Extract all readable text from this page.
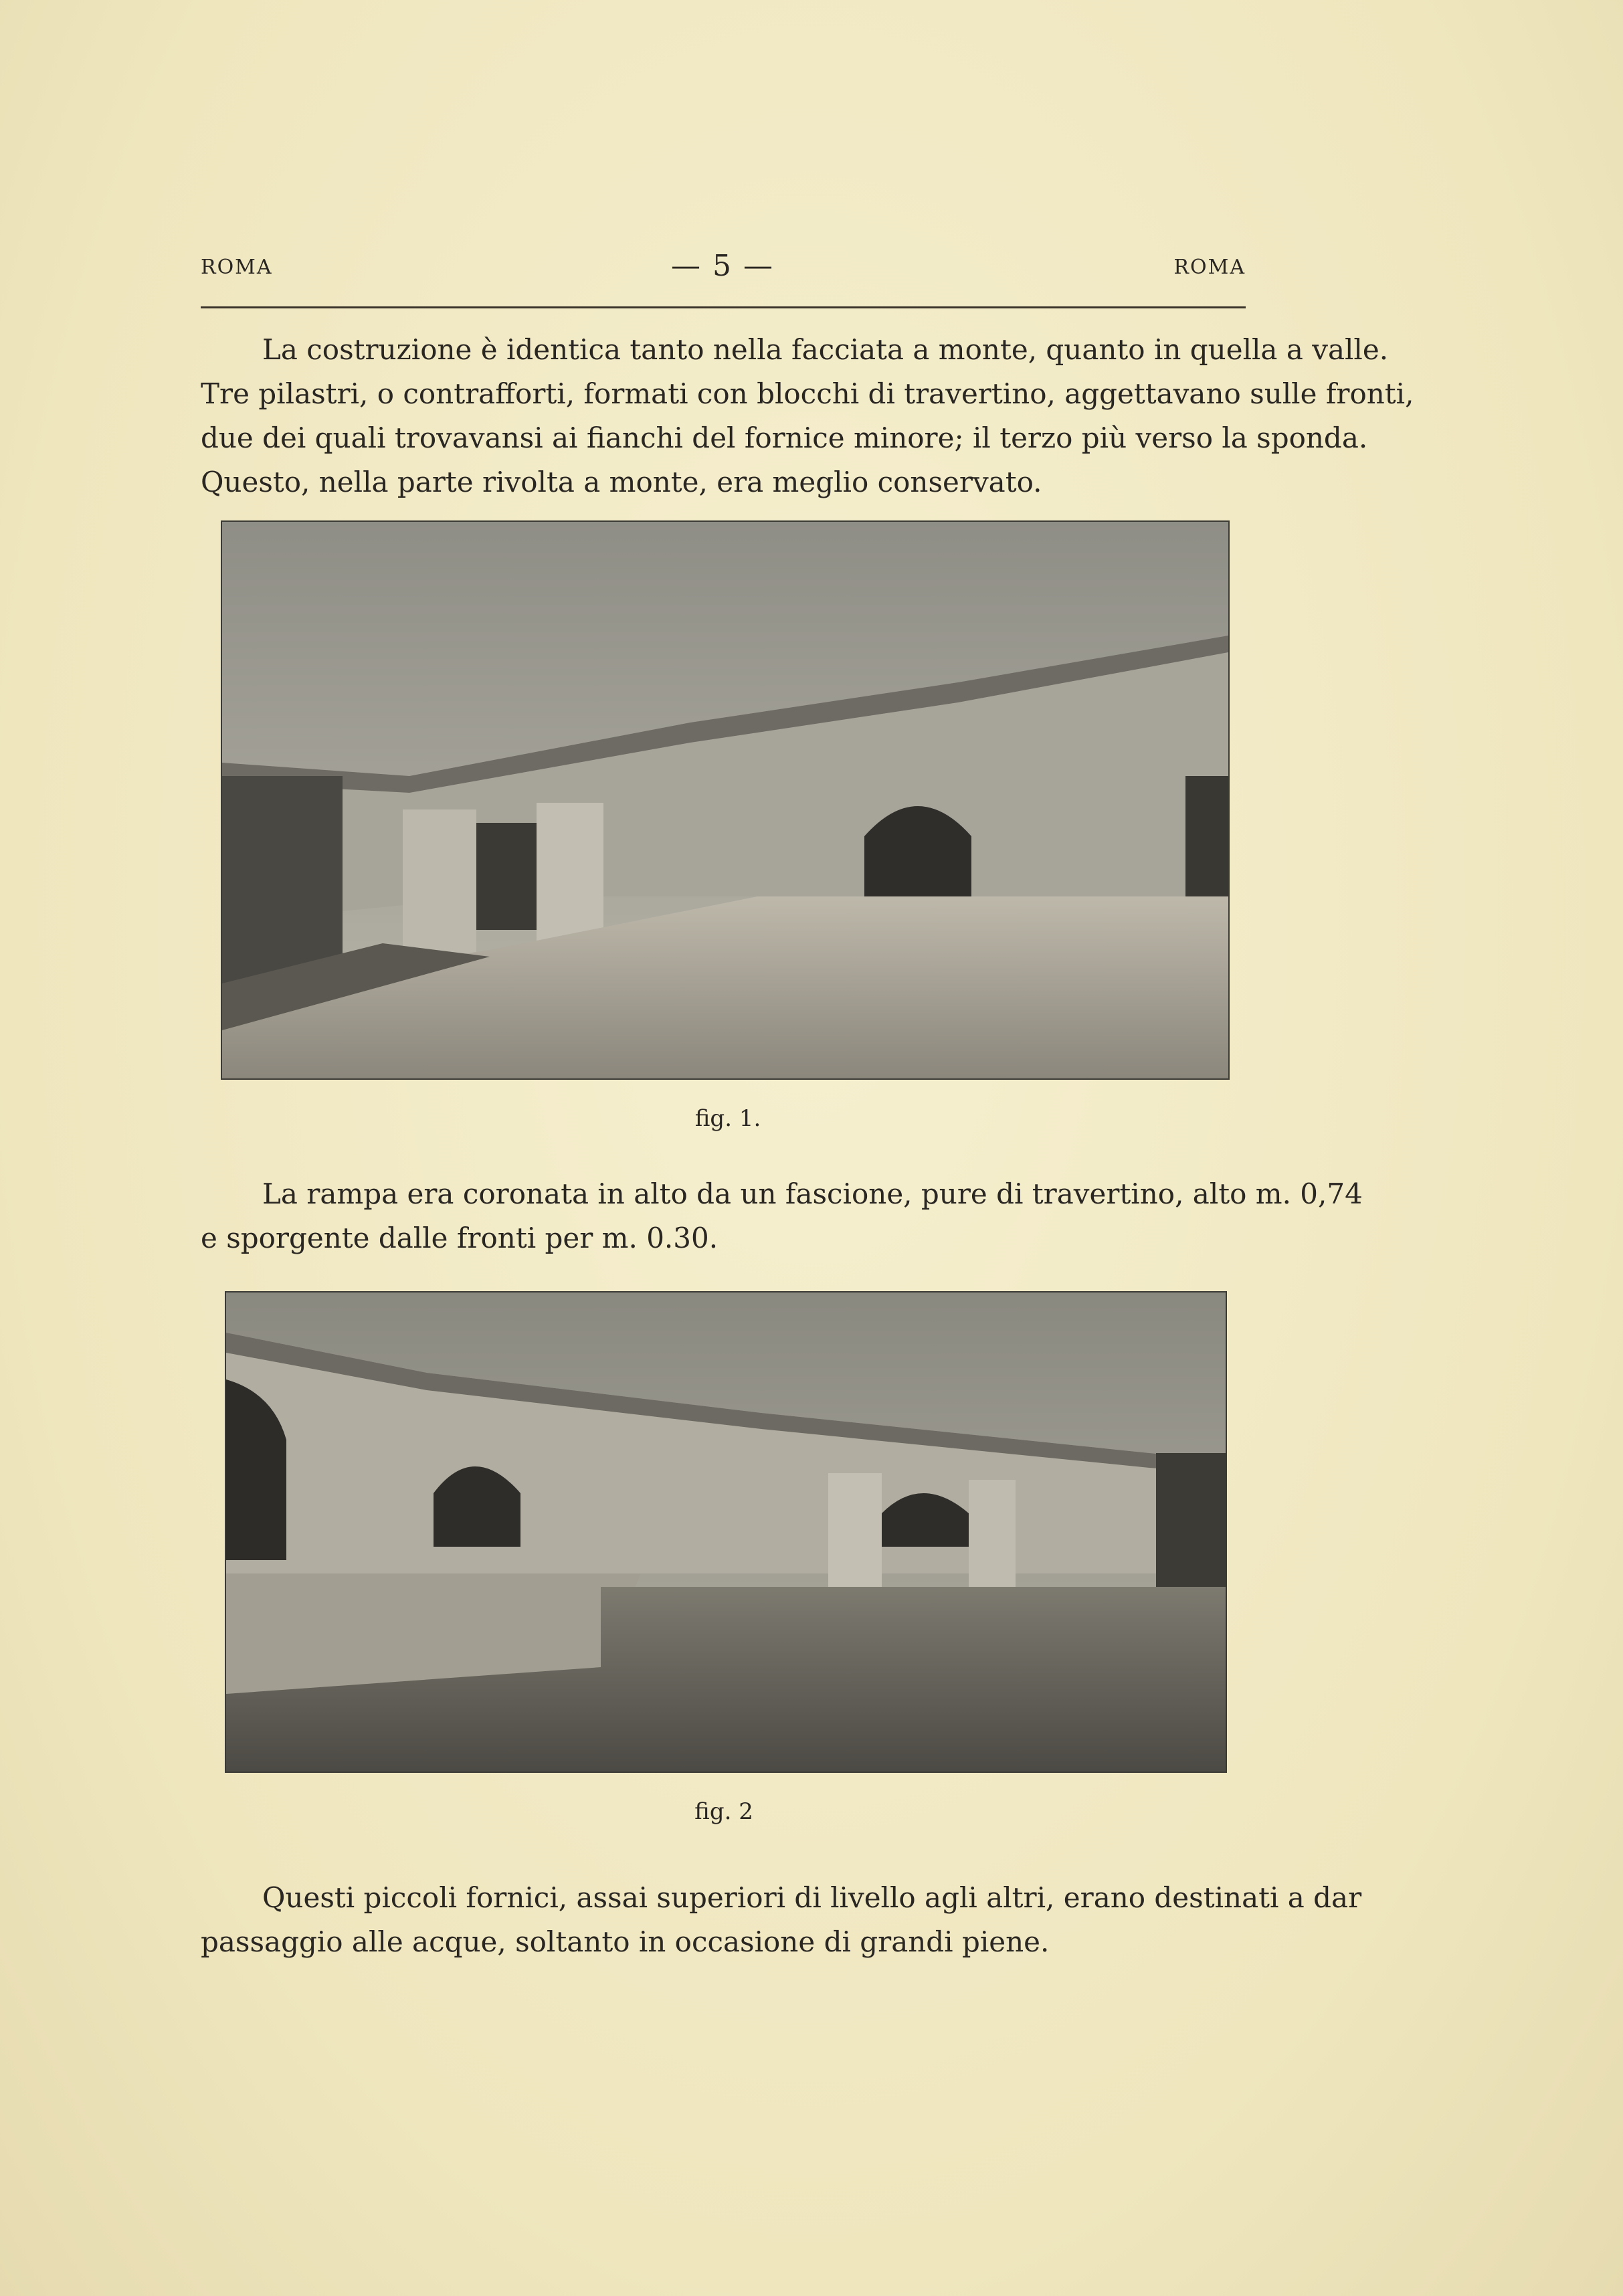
ROMA	— 5 —	ROMA
La costruzione è identica tanto nella facciata a monte, quanto in quella a valle.
Tre pilastri, o contrafforti, formati con blocchi di travertino, aggettavano sulle fronti,
due dei quali trovavansi ai fianchi del fornice minore; il terzo più verso la sponda.
Questo, nella parte rivolta a monte, era meglio conservato.
fig. 1.
La rampa era coronata in alto da un fascione, pure di travertino, alto m. 0,74
e sporgente dalle fronti per m. 0.30.
fig. 2
Questi piccoli fornici, assai superiori di livello agli altri, erano destinati a dar
passaggio alle acque, soltanto in occasione di grandi piene.
